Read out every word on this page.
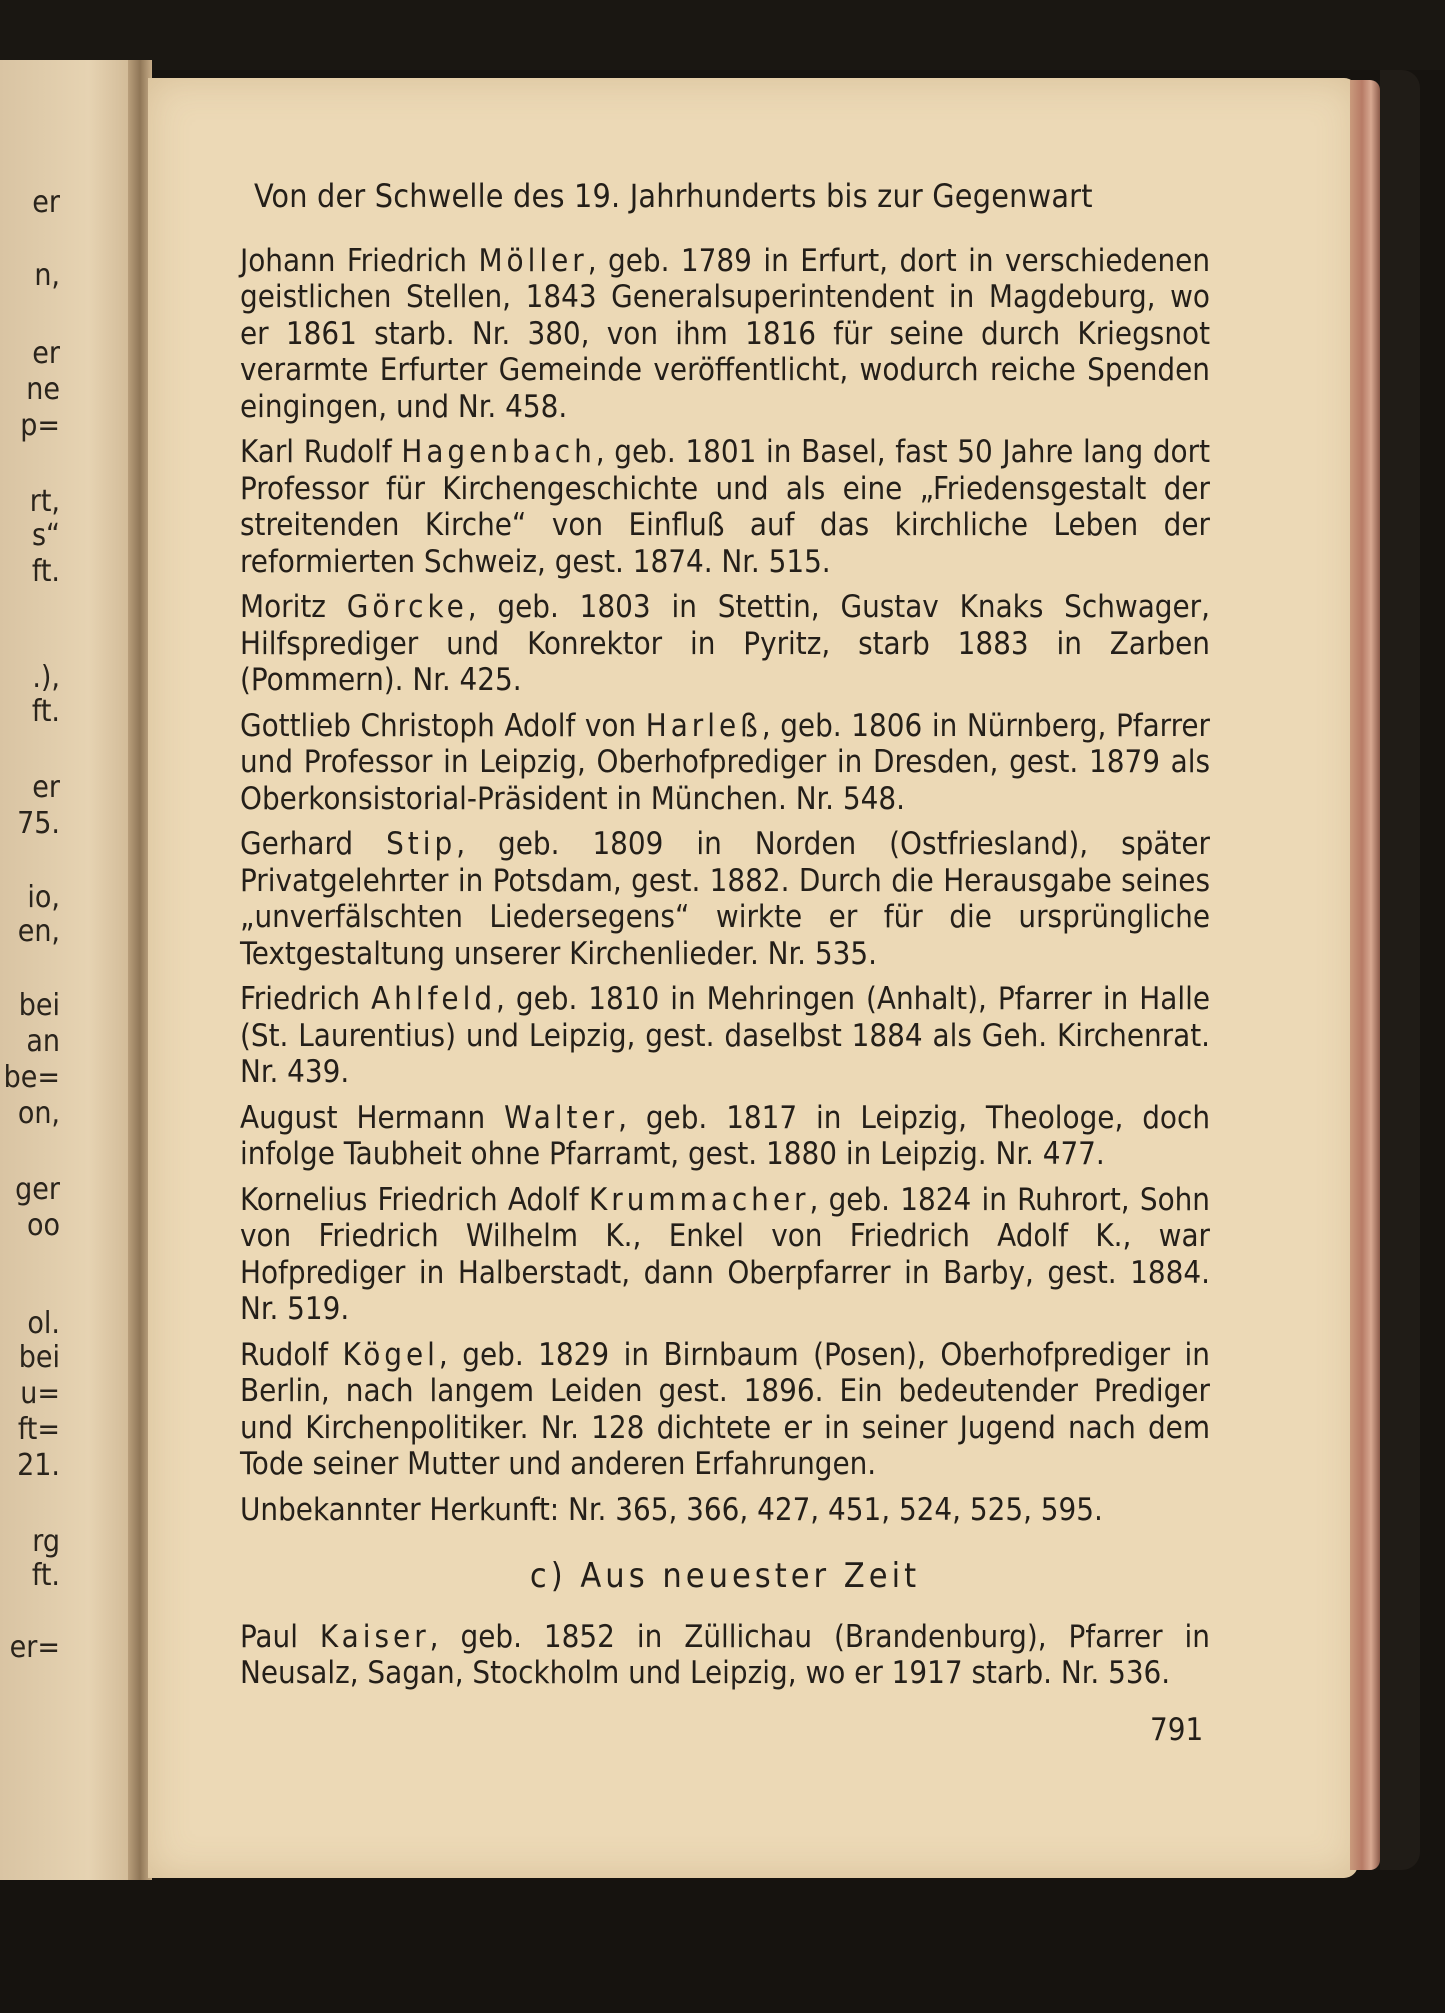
er
n,
er
ne
p=
rt,
s“
ft.
.),
ft.
er
75.
io,
en,
bei
an
be=
on,
ger
oo
ol.
bei
u=
ft=
21.
rg
ft.
er=
Von der Schwelle des 19. Jahrhunderts bis zur Gegenwart
Johann Friedrich Möller, geb. 1789 in Erfurt, dort in verschiedenen geistlichen Stellen, 1843 Generalsuperintendent in Magdeburg, wo er 1861 starb. Nr. 380, von ihm 1816 für seine durch Kriegsnot verarmte Erfurter Gemeinde veröffentlicht, wodurch reiche Spenden eingingen, und Nr. 458.
Karl Rudolf Hagenbach, geb. 1801 in Basel, fast 50 Jahre lang dort Professor für Kirchengeschichte und als eine „Friedensgestalt der streitenden Kirche“ von Einfluß auf das kirchliche Leben der reformierten Schweiz, gest. 1874. Nr. 515.
Moritz Görcke, geb. 1803 in Stettin, Gustav Knaks Schwager, Hilfsprediger und Konrektor in Pyritz, starb 1883 in Zarben (Pommern). Nr. 425.
Gottlieb Christoph Adolf von Harleß, geb. 1806 in Nürnberg, Pfarrer und Professor in Leipzig, Oberhofprediger in Dresden, gest. 1879 als Oberkonsistorial-Präsident in München. Nr. 548.
Gerhard Stip, geb. 1809 in Norden (Ostfriesland), später Privatgelehrter in Potsdam, gest. 1882. Durch die Herausgabe seines „unverfälschten Liedersegens“ wirkte er für die ursprüngliche Textgestaltung unserer Kirchenlieder. Nr. 535.
Friedrich Ahlfeld, geb. 1810 in Mehringen (Anhalt), Pfarrer in Halle (St. Laurentius) und Leipzig, gest. daselbst 1884 als Geh. Kirchenrat. Nr. 439.
August Hermann Walter, geb. 1817 in Leipzig, Theologe, doch infolge Taubheit ohne Pfarramt, gest. 1880 in Leipzig. Nr. 477.
Kornelius Friedrich Adolf Krummacher, geb. 1824 in Ruhrort, Sohn von Friedrich Wilhelm K., Enkel von Friedrich Adolf K., war Hofprediger in Halberstadt, dann Oberpfarrer in Barby, gest. 1884. Nr. 519.
Rudolf Kögel, geb. 1829 in Birnbaum (Posen), Oberhofprediger in Berlin, nach langem Leiden gest. 1896. Ein bedeutender Prediger und Kirchenpolitiker. Nr. 128 dichtete er in seiner Jugend nach dem Tode seiner Mutter und anderen Erfahrungen.
Unbekannter Herkunft: Nr. 365, 366, 427, 451, 524, 525, 595.
c) Aus neuester Zeit
Paul Kaiser, geb. 1852 in Züllichau (Brandenburg), Pfarrer in Neusalz, Sagan, Stockholm und Leipzig, wo er 1917 starb. Nr. 536.
791
